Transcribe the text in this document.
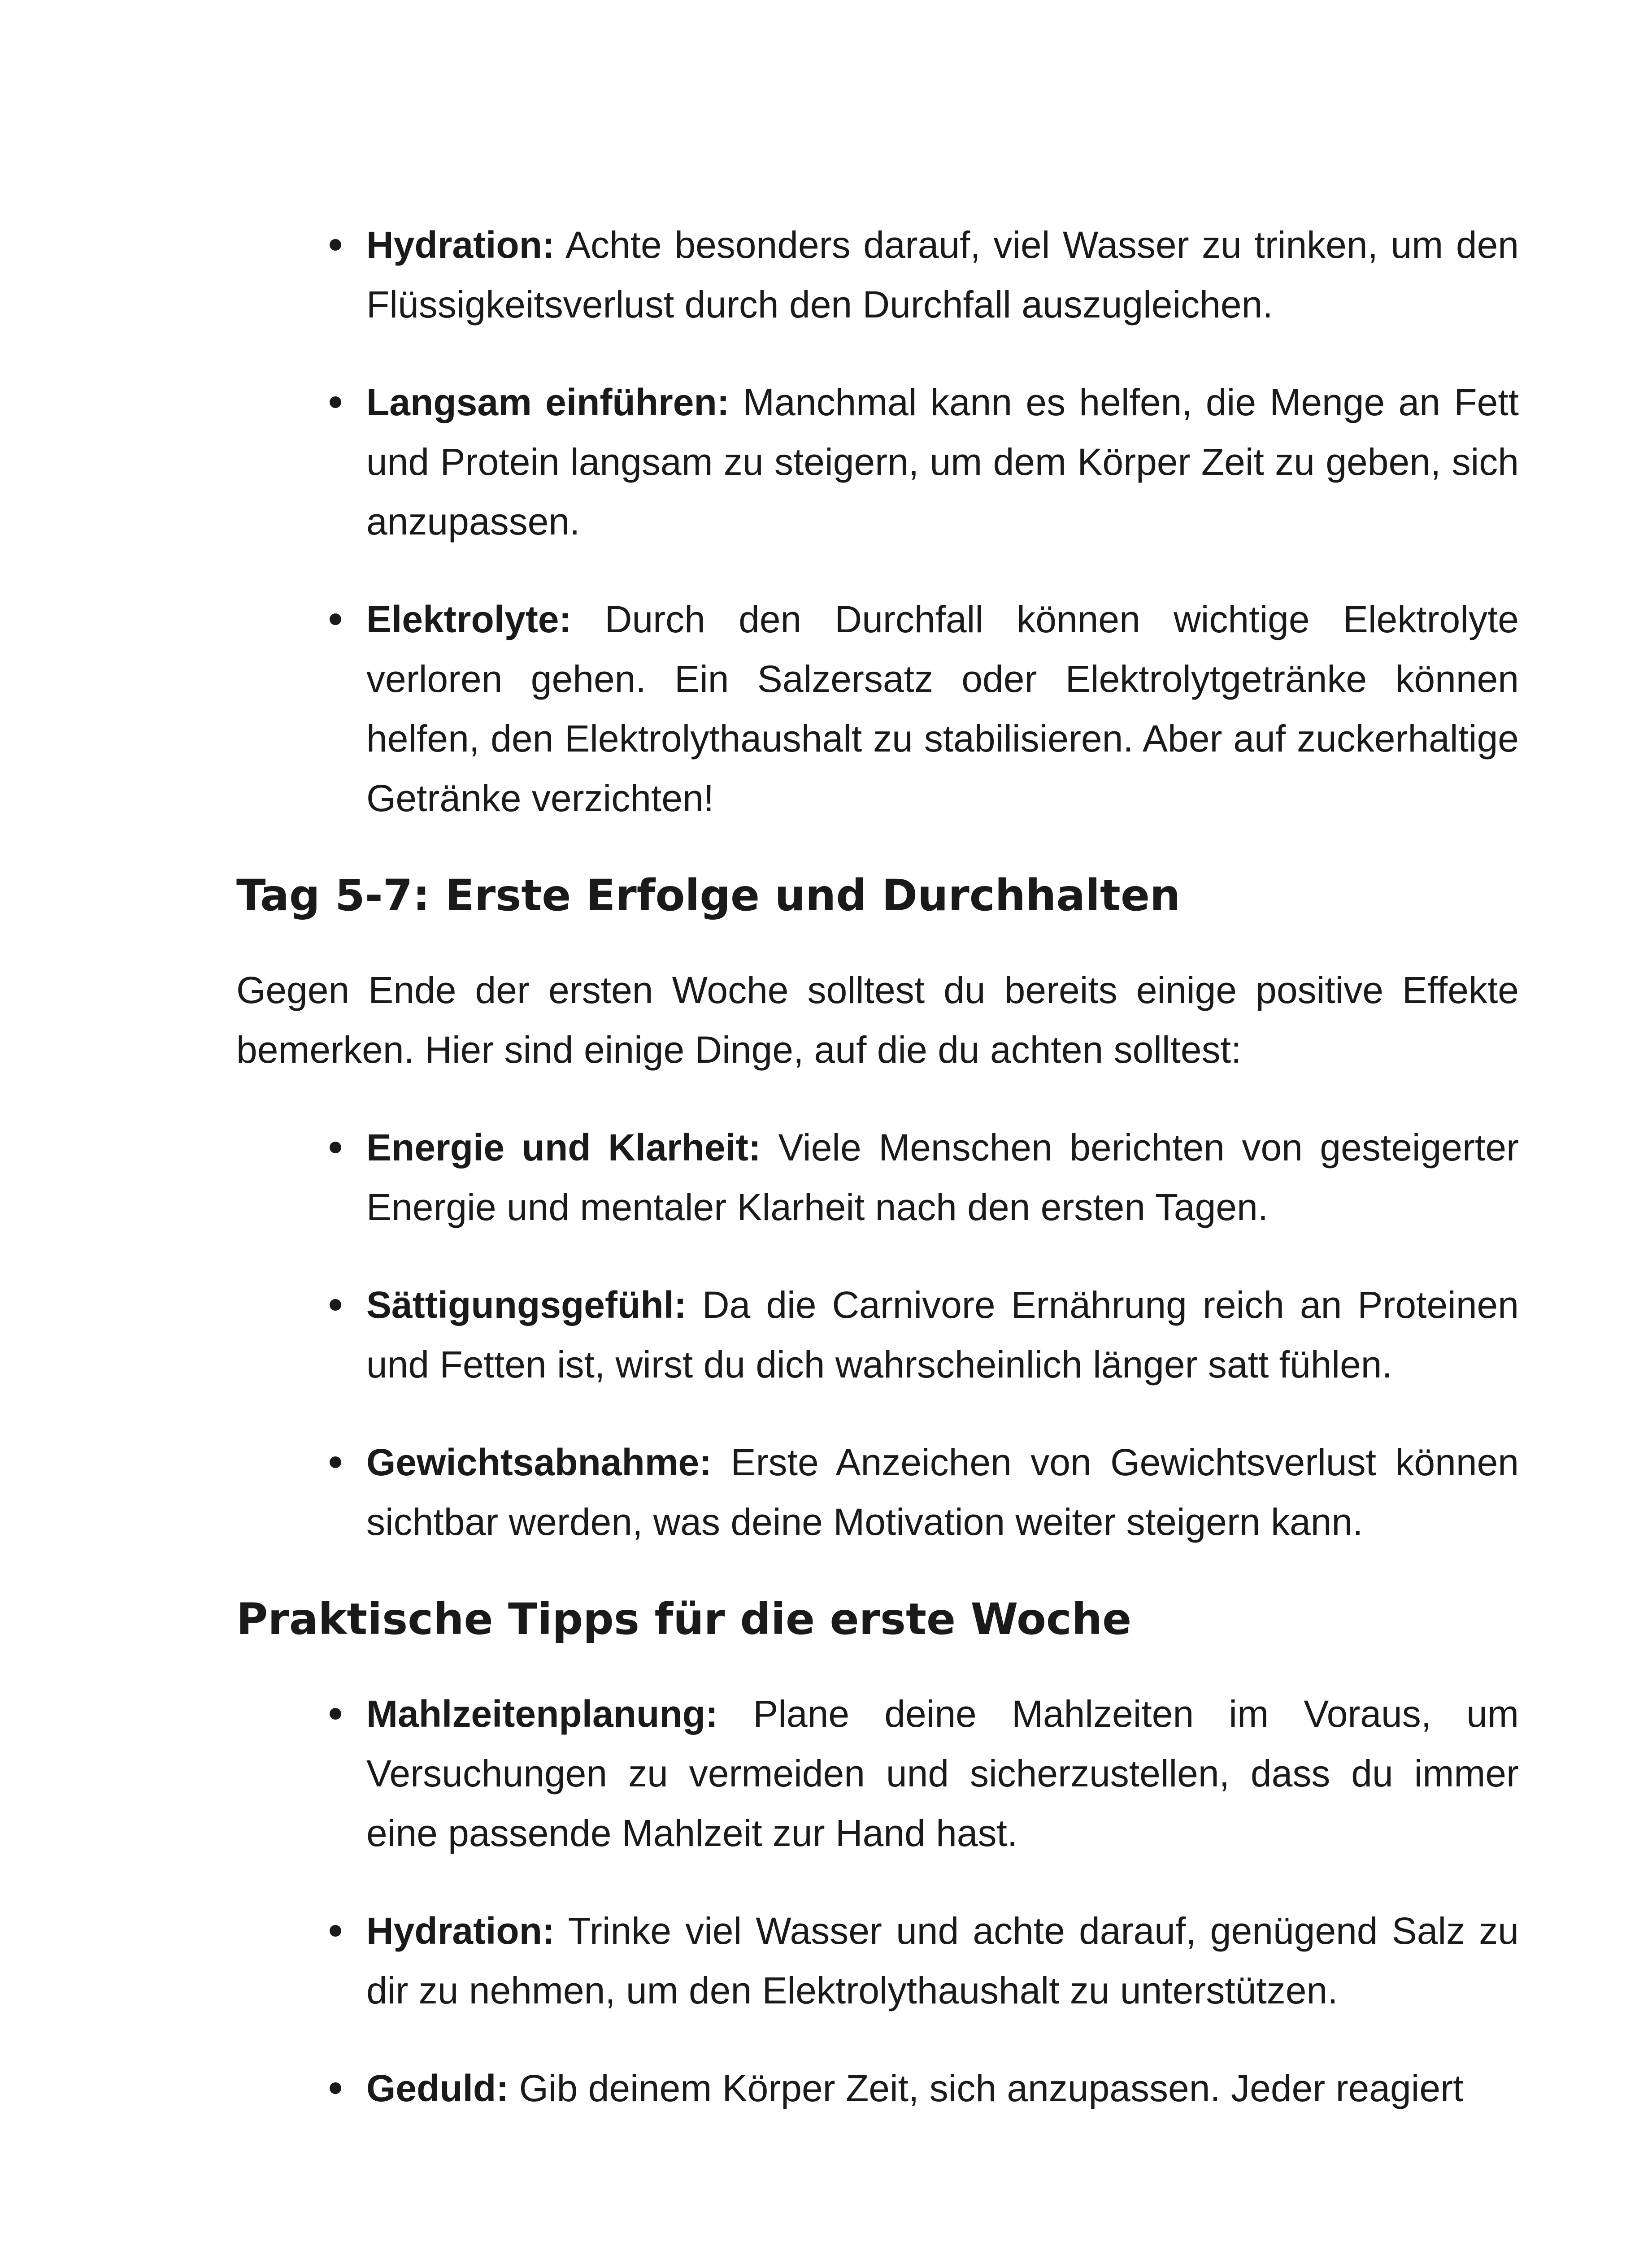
Hydration: Achte besonders darauf, viel Wasser zu trinken, um den Flüssigkeitsverlust durch den Durchfall auszugleichen.
Langsam einführen: Manchmal kann es helfen, die Menge an Fett und Protein langsam zu steigern, um dem Körper Zeit zu geben, sich anzupassen.
Elektrolyte: Durch den Durchfall können wichtige Elektrolyte verloren gehen. Ein Salzersatz oder Elektrolytgetränke können helfen, den Elektrolythaushalt zu stabilisieren. Aber auf zuckerhaltige Getränke verzichten!
Tag 5-7: Erste Erfolge und Durchhalten

Gegen Ende der ersten Woche solltest du bereits einige positive Effekte bemerken. Hier sind einige Dinge, auf die du achten solltest:

Energie und Klarheit: Viele Menschen berichten von gesteigerter Energie und mentaler Klarheit nach den ersten Tagen.
Sättigungsgefühl: Da die Carnivore Ernährung reich an Proteinen und Fetten ist, wirst du dich wahrscheinlich länger satt fühlen.
Gewichtsabnahme: Erste Anzeichen von Gewichtsverlust können sichtbar werden, was deine Motivation weiter steigern kann.
Praktische Tipps für die erste Woche
Mahlzeitenplanung: Plane deine Mahlzeiten im Voraus, um Versuchungen zu vermeiden und sicherzustellen, dass du immer eine passende Mahlzeit zur Hand hast.
Hydration: Trinke viel Wasser und achte darauf, genügend Salz zu dir zu nehmen, um den Elektrolythaushalt zu unterstützen.
Geduld: Gib deinem Körper Zeit, sich anzupassen. Jeder reagiert
